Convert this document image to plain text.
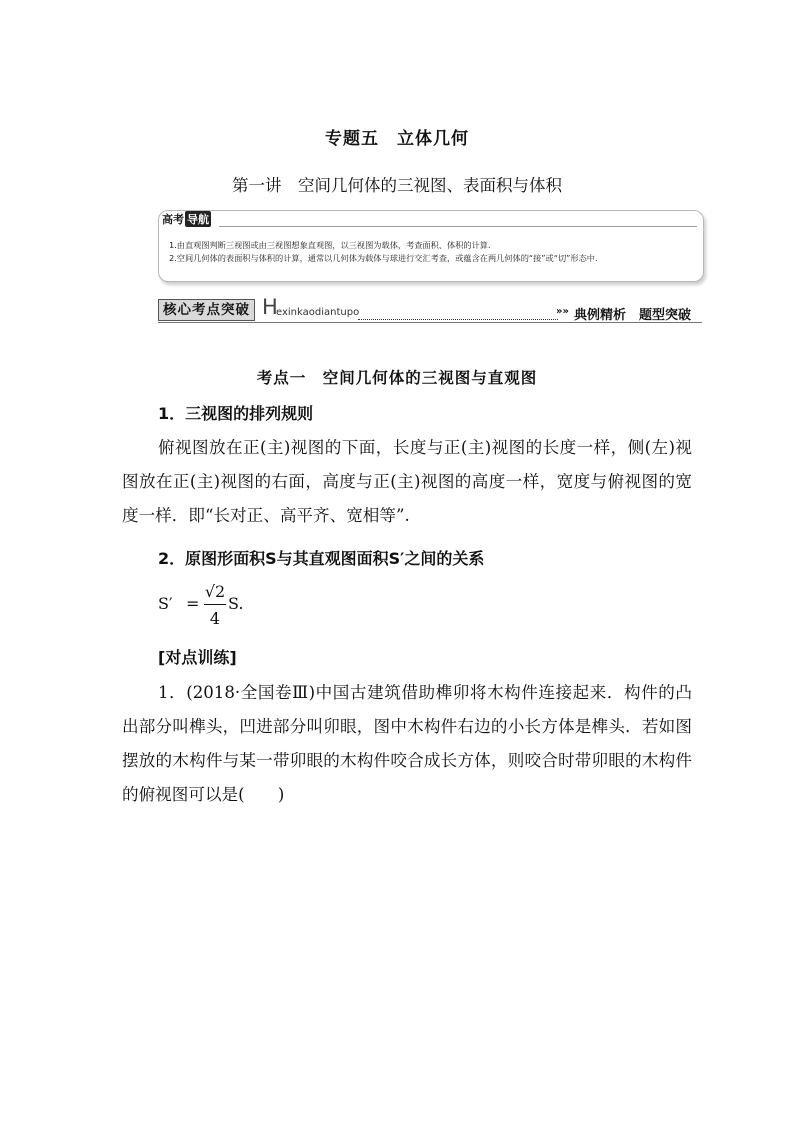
专题五　立体几何
第一讲　空间几何体的三视图、表面积与体积
高考 导航
1.由直观图判断三视图或由三视图想象直观图，以三视图为载体，考查面积、体积的计算.
2.空间几何体的表面积与体积的计算，通常以几何体为载体与球进行交汇考查，或蕴含在两几何体的“接”或“切”形态中.
核心考点突破 H
exinkaodiantupo	»» 典例精析　题型突破
考点一　空间几何体的三视图与直观图
1．三视图的排列规则
俯视图放在正(主)视图的下面，长度与正(主)视图的长度一样，侧(左)视图放在正(主)视图的右面，高度与正(主)视图的高度一样，宽度与俯视图的宽度一样．即“长对正、高平齐、宽相等”.
2．原图形面积S与其直观图面积S′之间的关系
S′ =
√2
4
S.
[对点训练]
1．(2018·全国卷Ⅲ)中国古建筑借助榫卯将木构件连接起来．构件的凸出部分叫榫头，凹进部分叫卯眼，图中木构件右边的小长方体是榫头．若如图摆放的木构件与某一带卯眼的木构件咬合成长方体，则咬合时带卯眼的木构件的俯视图可以是(　　)
